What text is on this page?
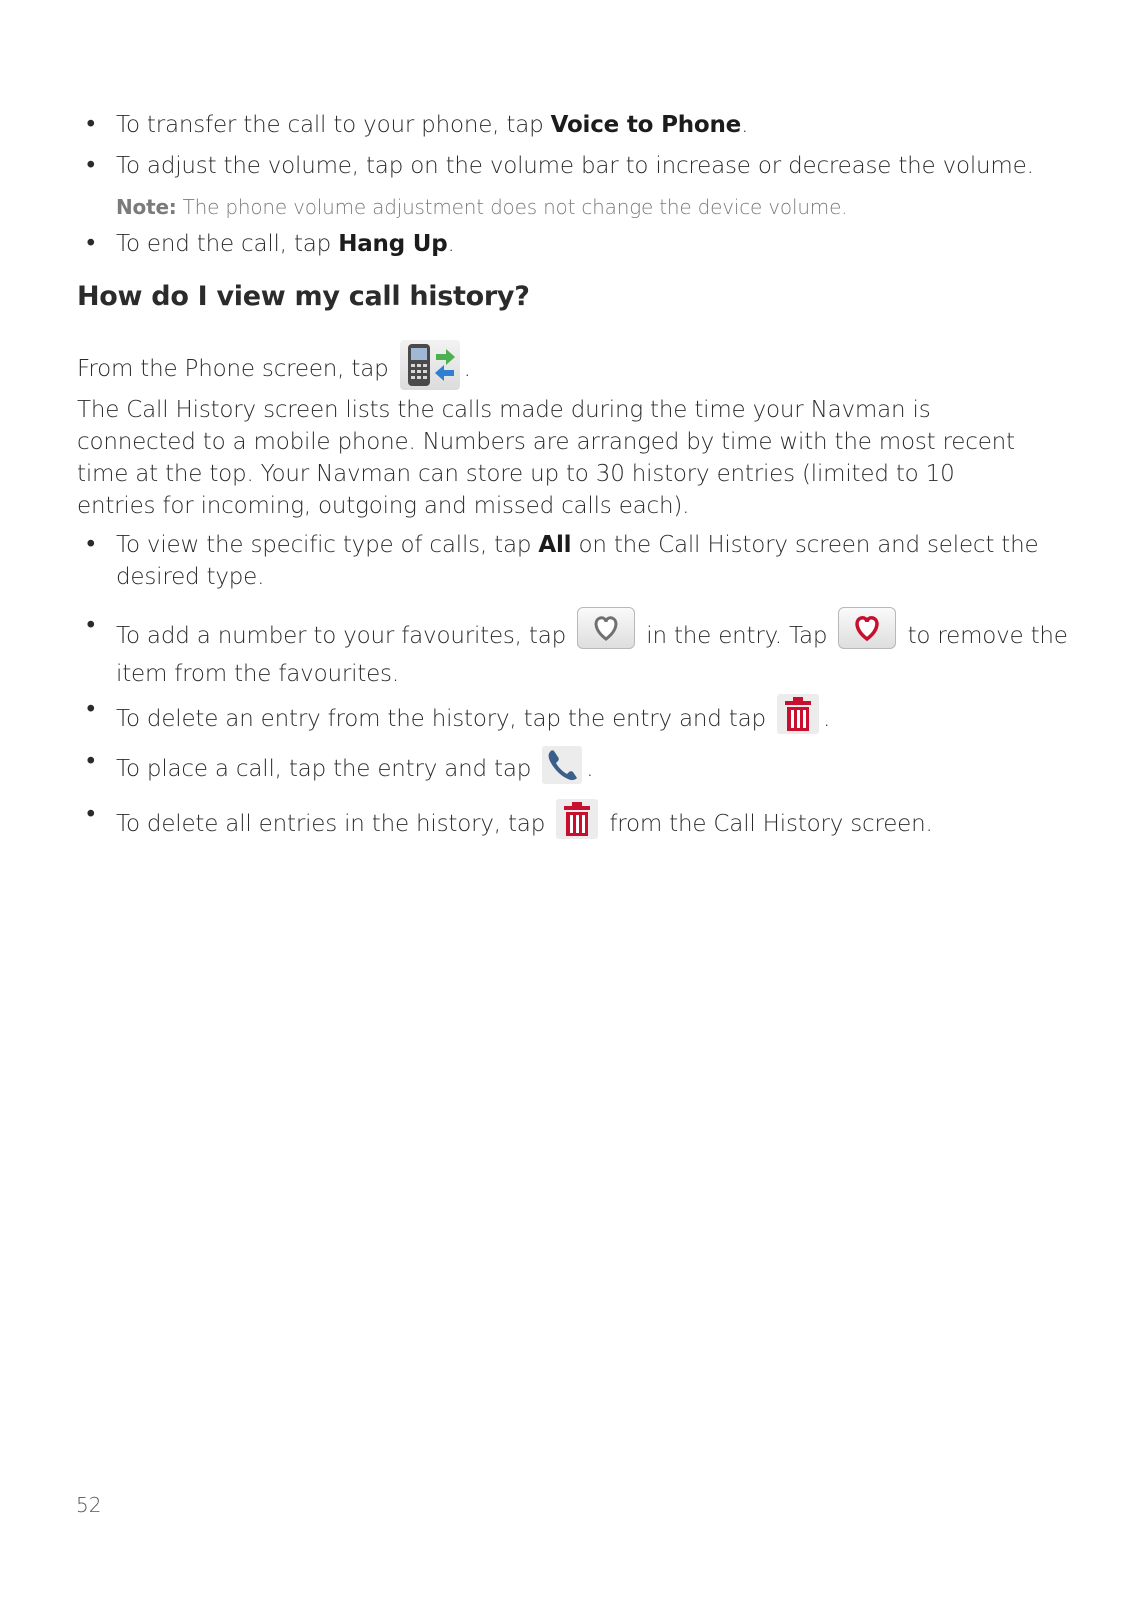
• To transfer the call to your phone, tap Voice to Phone.
• To adjust the volume, tap on the volume bar to increase or decrease the volume.
Note: The phone volume adjustment does not change the device volume.
• To end the call, tap Hang Up.
How do I view my call history?
From the Phone screen, tap	.
The Call History screen lists the calls made during the time your Navman is connected to a mobile phone. Numbers are arranged by time with the most recent time at the top. Your Navman can store up to 30 history entries (limited to 10 entries for incoming, outgoing and missed calls each).
• To view the specific type of calls, tap All on the Call History screen and select the desired type.
• To add a number to your favourites, tap	in the entry. Tap	to remove the item from the favourites.
• To delete an entry from the history, tap the entry and tap .
• To place a call, tap the entry and tap .
• To delete all entries in the history, tap	from the Call History screen.
52
